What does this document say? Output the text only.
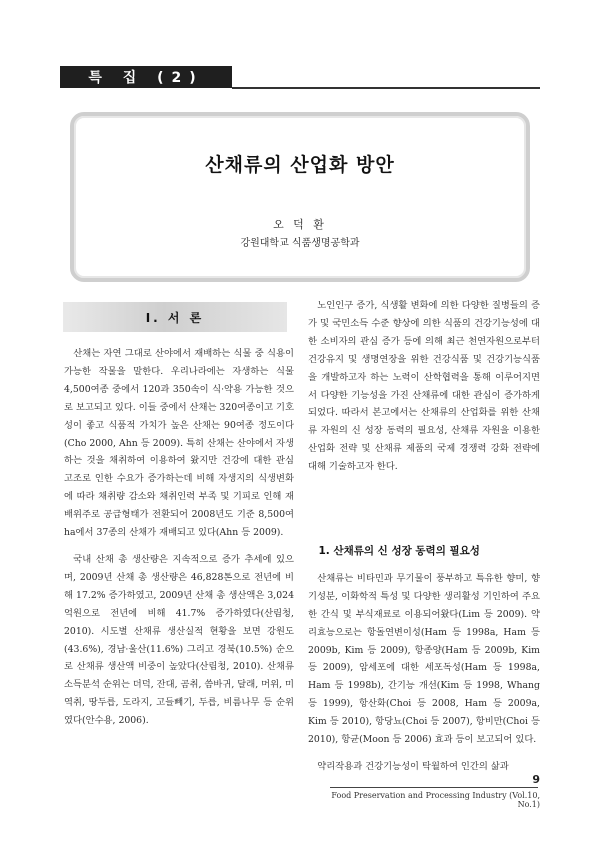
특 집 (2)
산채류의 산업화 방안
오 덕 환
강원대학교 식품생명공학과
Ⅰ. 서 론

산채는 자연 그대로 산야에서 재배하는 식물 중 식용이 가능한 작물을 말한다. 우리나라에는 자생하는 식물 4,500여종 중에서 120과 350속이 식·약용 가능한 것으로 보고되고 있다. 이들 중에서 산채는 320여종이고 기호성이 좋고 식품적 가치가 높은 산채는 90여종 정도이다(Cho 2000, Ahn 등 2009). 특히 산채는 산야에서 자생하는 것을 채취하여 이용하여 왔지만 건강에 대한 관심 고조로 인한 수요가 증가하는데 비해 자생지의 식생변화에 따라 채취량 감소와 채취인력 부족 및 기피로 인해 재배위주로 공급형태가 전환되어 2008년도 기준 8,500여 ha에서 37종의 산채가 재배되고 있다(Ahn 등 2009).

국내 산채 총 생산량은 지속적으로 증가 추세에 있으며, 2009년 산채 총 생산량은 46,828톤으로 전년에 비해 17.2% 증가하였고, 2009년 산채 총 생산액은 3,024억원으로 전년에 비해 41.7% 증가하였다(산림청, 2010). 시도별 산채류 생산실적 현황을 보면 강원도(43.6%), 경남·울산(11.6%) 그리고 경북(10.5%) 순으로 산채류 생산액 비중이 높았다(산림청, 2010). 산채류 소득분석 순위는 더덕, 잔대, 곰취, 씀바귀, 달래, 머위, 미역취, 땅두릅, 도라지, 고들빼기, 두릅, 비름나무 등 순위였다(안수용, 2006).

노인인구 증가, 식생활 변화에 의한 다양한 질병들의 증가 및 국민소득 수준 향상에 의한 식품의 건강기능성에 대한 소비자의 관심 증가 등에 의해 최근 천연자원으로부터 건강유지 및 생명연장을 위한 건강식품 및 건강기능식품을 개발하고자 하는 노력이 산학협력을 통해 이루어지면서 다양한 기능성을 가진 산채류에 대한 관심이 증가하게 되었다. 따라서 본고에서는 산채류의 산업화를 위한 산채류 자원의 신 성장 동력의 필요성, 산채류 자원을 이용한 산업화 전략 및 산채류 제품의 국제 경쟁력 강화 전략에 대해 기술하고자 한다.

1. 산채류의 신 성장 동력의 필요성

산채류는 비타민과 무기물이 풍부하고 특유한 향미, 향기성분, 이화학적 특성 및 다양한 생리활성 기인하여 주요한 간식 및 부식재료로 이용되어왔다(Lim 등 2009). 약리효능으로는 항돌연변이성(Ham 등 1998a, Ham 등 2009b, Kim 등 2009), 항종양(Ham 등 2009b, Kim 등 2009), 암세포에 대한 세포독성(Ham 등 1998a, Ham 등 1998b), 간기능 개선(Kim 등 1998, Whang 등 1999), 항산화(Choi 등 2008, Ham 등 2009a, Kim 등 2010), 항당뇨(Choi 등 2007), 항비만(Choi 등 2010), 항균(Moon 등 2006) 효과 등이 보고되어 있다.

약리작용과 건강기능성이 탁월하여 인간의 삶과

9
Food Preservation and Processing Industry (Vol.10, No.1)
